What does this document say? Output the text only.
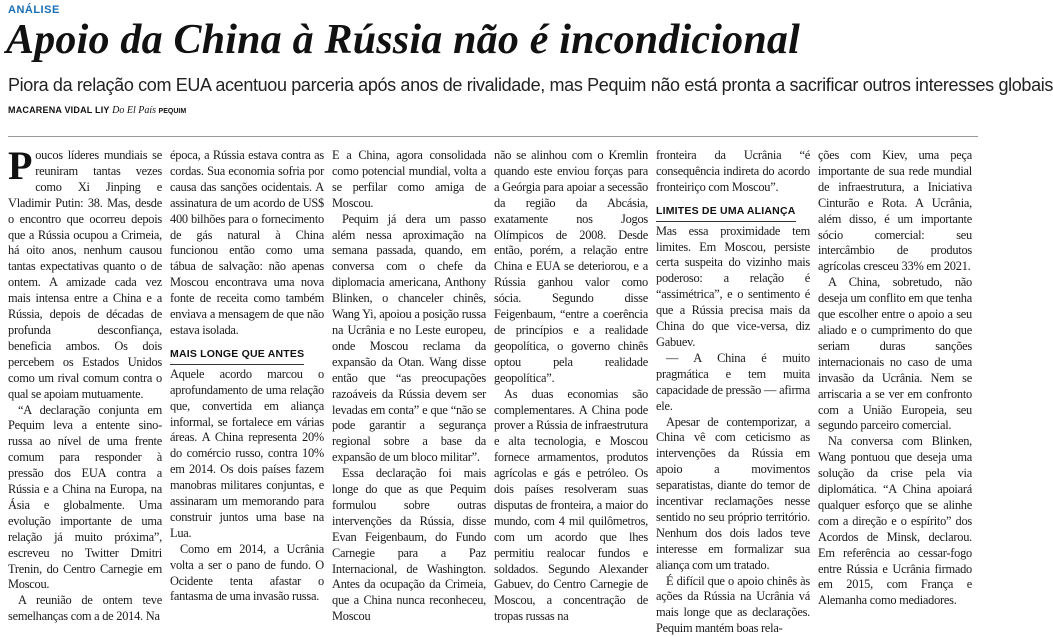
ANÁLISE
Apoio da China à Rússia não é incondicional
Piora da relação com EUA acentuou parceria após anos de rivalidade, mas Pequim não está pronta a sacrificar outros interesses globais
MACARENA VIDAL LIY Do El País PEQUIM

Poucos líderes mundiais se reuniram tantas vezes como Xi Jinping e Vladimir Putin: 38. Mas, desde o encontro que ocorreu depois que a Rússia ocupou a Crimeia, há oito anos, nenhum causou tantas expectativas quanto o de ontem. A amizade cada vez mais intensa entre a China e a Rússia, depois de décadas de profunda desconfiança, beneficia ambos. Os dois percebem os Estados Unidos como um rival comum contra o qual se apoiam mutuamente.

“A declaração conjunta em Pequim leva a entente sino-russa ao nível de uma frente comum para responder à pressão dos EUA contra a Rússia e a China na Europa, na Ásia e globalmente. Uma evolução importante de uma relação já muito próxima”, escreveu no Twitter Dmitri Trenin, do Centro Carnegie em Moscou.

A reunião de ontem teve semelhanças com a de 2014. Na

época, a Rússia estava contra as cordas. Sua economia sofria por causa das sanções ocidentais. A assinatura de um acordo de US$ 400 bilhões para o fornecimento de gás natural à China funcionou então como uma tábua de salvação: não apenas Moscou encontrava uma nova fonte de receita como também enviava a mensagem de que não estava isolada.

MAIS LONGE QUE ANTES

Aquele acordo marcou o aprofundamento de uma relação que, convertida em aliança informal, se fortalece em várias áreas. A China representa 20% do comércio russo, contra 10% em 2014. Os dois países fazem manobras militares conjuntas, e assinaram um memorando para construir juntos uma base na Lua.

Como em 2014, a Ucrânia volta a ser o pano de fundo. O Ocidente tenta afastar o fantasma de uma invasão russa.

E a China, agora consolidada como potencial mundial, volta a se perfilar como amiga de Moscou.

Pequim já dera um passo além nessa aproximação na semana passada, quando, em conversa com o chefe da diplomacia americana, Anthony Blinken, o chanceler chinês, Wang Yi, apoiou a posição russa na Ucrânia e no Leste europeu, onde Moscou reclama da expansão da Otan. Wang disse então que “as preocupações razoáveis da Rússia devem ser levadas em conta” e que “não se pode garantir a segurança regional sobre a base da expansão de um bloco militar”.

Essa declaração foi mais longe do que as que Pequim formulou sobre outras intervenções da Rússia, disse Evan Feigenbaum, do Fundo Carnegie para a Paz Internacional, de Washington. Antes da ocupação da Crimeia, que a China nunca reconheceu, Moscou

não se alinhou com o Kremlin quando este enviou forças para a Geórgia para apoiar a secessão da região da Abcásia, exatamente nos Jogos Olímpicos de 2008. Desde então, porém, a relação entre China e EUA se deteriorou, e a Rússia ganhou valor como sócia. Segundo disse Feigenbaum, “entre a coerência de princípios e a realidade geopolítica, o governo chinês optou pela realidade geopolítica”.

As duas economias são complementares. A China pode prover a Rússia de infraestrutura e alta tecnologia, e Moscou fornece armamentos, produtos agrícolas e gás e petróleo. Os dois países resolveram suas disputas de fronteira, a maior do mundo, com 4 mil quilômetros, com um acordo que lhes permitiu realocar fundos e soldados. Segundo Alexander Gabuev, do Centro Carnegie de Moscou, a concentração de tropas russas na

fronteira da Ucrânia “é consequência indireta do acordo fronteiriço com Moscou”.

LIMITES DE UMA ALIANÇA

Mas essa proximidade tem limites. Em Moscou, persiste certa suspeita do vizinho mais poderoso: a relação é “assimétrica”, e o sentimento é que a Rússia precisa mais da China do que vice-versa, diz Gabuev.

— A China é muito pragmática e tem muita capacidade de pressão — afirma ele.

Apesar de contemporizar, a China vê com ceticismo as intervenções da Rússia em apoio a movimentos separatistas, diante do temor de incentivar reclamações nesse sentido no seu próprio território. Nenhum dos dois lados teve interesse em formalizar sua aliança com um tratado.

É difícil que o apoio chinês às ações da Rússia na Ucrânia vá mais longe que as declarações. Pequim mantém boas rela-

ções com Kiev, uma peça importante de sua rede mundial de infraestrutura, a Iniciativa Cinturão e Rota. A Ucrânia, além disso, é um importante sócio comercial: seu intercâmbio de produtos agrícolas cresceu 33% em 2021.

A China, sobretudo, não deseja um conflito em que tenha que escolher entre o apoio a seu aliado e o cumprimento do que seriam duras sanções internacionais no caso de uma invasão da Ucrânia. Nem se arriscaria a se ver em confronto com a União Europeia, seu segundo parceiro comercial.

Na conversa com Blinken, Wang pontuou que deseja uma solução da crise pela via diplomática. “A China apoiará qualquer esforço que se alinhe com a direção e o espírito” dos Acordos de Minsk, declarou. Em referência ao cessar-fogo entre Rússia e Ucrânia firmado em 2015, com França e Alemanha como mediadores.
